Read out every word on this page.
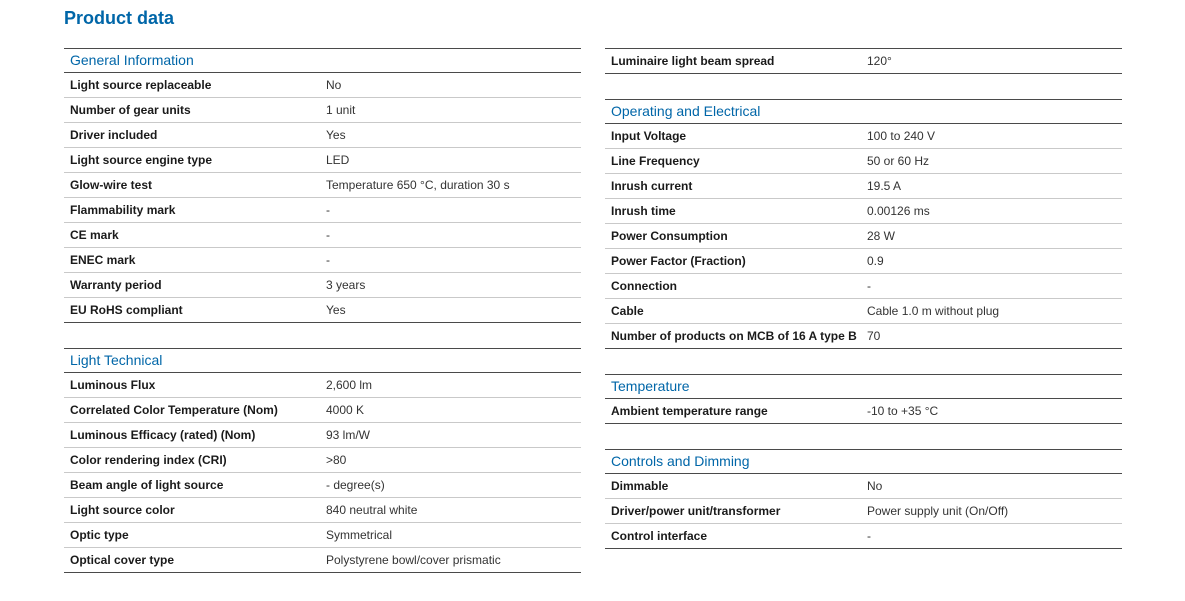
Product data
General Information
Light source replaceable	No
Number of gear units	1 unit
Driver included	Yes
Light source engine type	LED
Glow-wire test	Temperature 650 °C, duration 30 s
Flammability mark	-
CE mark	-
ENEC mark	-
Warranty period	3 years
EU RoHS compliant	Yes
Light Technical
Luminous Flux	2,600 lm
Correlated Color Temperature (Nom)	4000 K
Luminous Efficacy (rated) (Nom)	93 lm/W
Color rendering index (CRI)	>80
Beam angle of light source	- degree(s)
Light source color	840 neutral white
Optic type	Symmetrical
Optical cover type	Polystyrene bowl/cover prismatic
Luminaire light beam spread	120°
Operating and Electrical
Input Voltage	100 to 240 V
Line Frequency	50 or 60 Hz
Inrush current	19.5 A
Inrush time	0.00126 ms
Power Consumption	28 W
Power Factor (Fraction)	0.9
Connection	-
Cable	Cable 1.0 m without plug
Number of products on MCB of 16 A type B 70
Temperature
Ambient temperature range	-10 to +35 °C
Controls and Dimming
Dimmable	No
Driver/power unit/transformer	Power supply unit (On/Off)
Control interface	-
